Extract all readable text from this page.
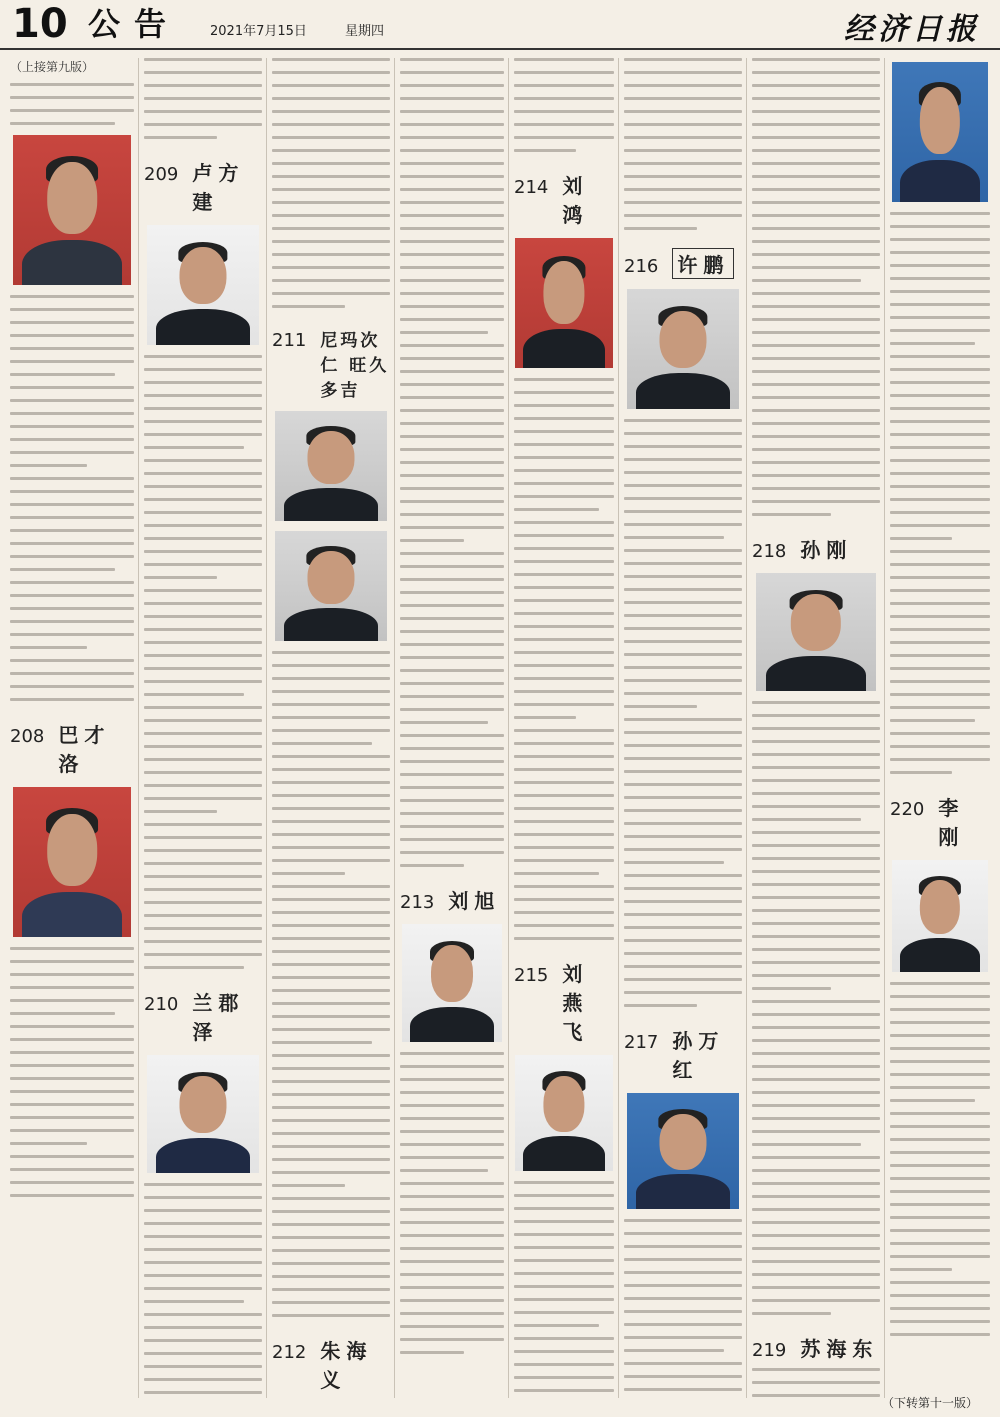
10 公告 2021年7月15日	星期四	经济日报
（上接第九版）
208 巴才洛
209 卢方建
210 兰郡泽
211 尼玛次仁 旺久多吉
212 朱海义
213 刘旭
214 刘鸿
215 刘燕飞
216 许鹏
217 孙万红
218 孙刚
219 苏海东
220 李刚
（下转第十一版）
